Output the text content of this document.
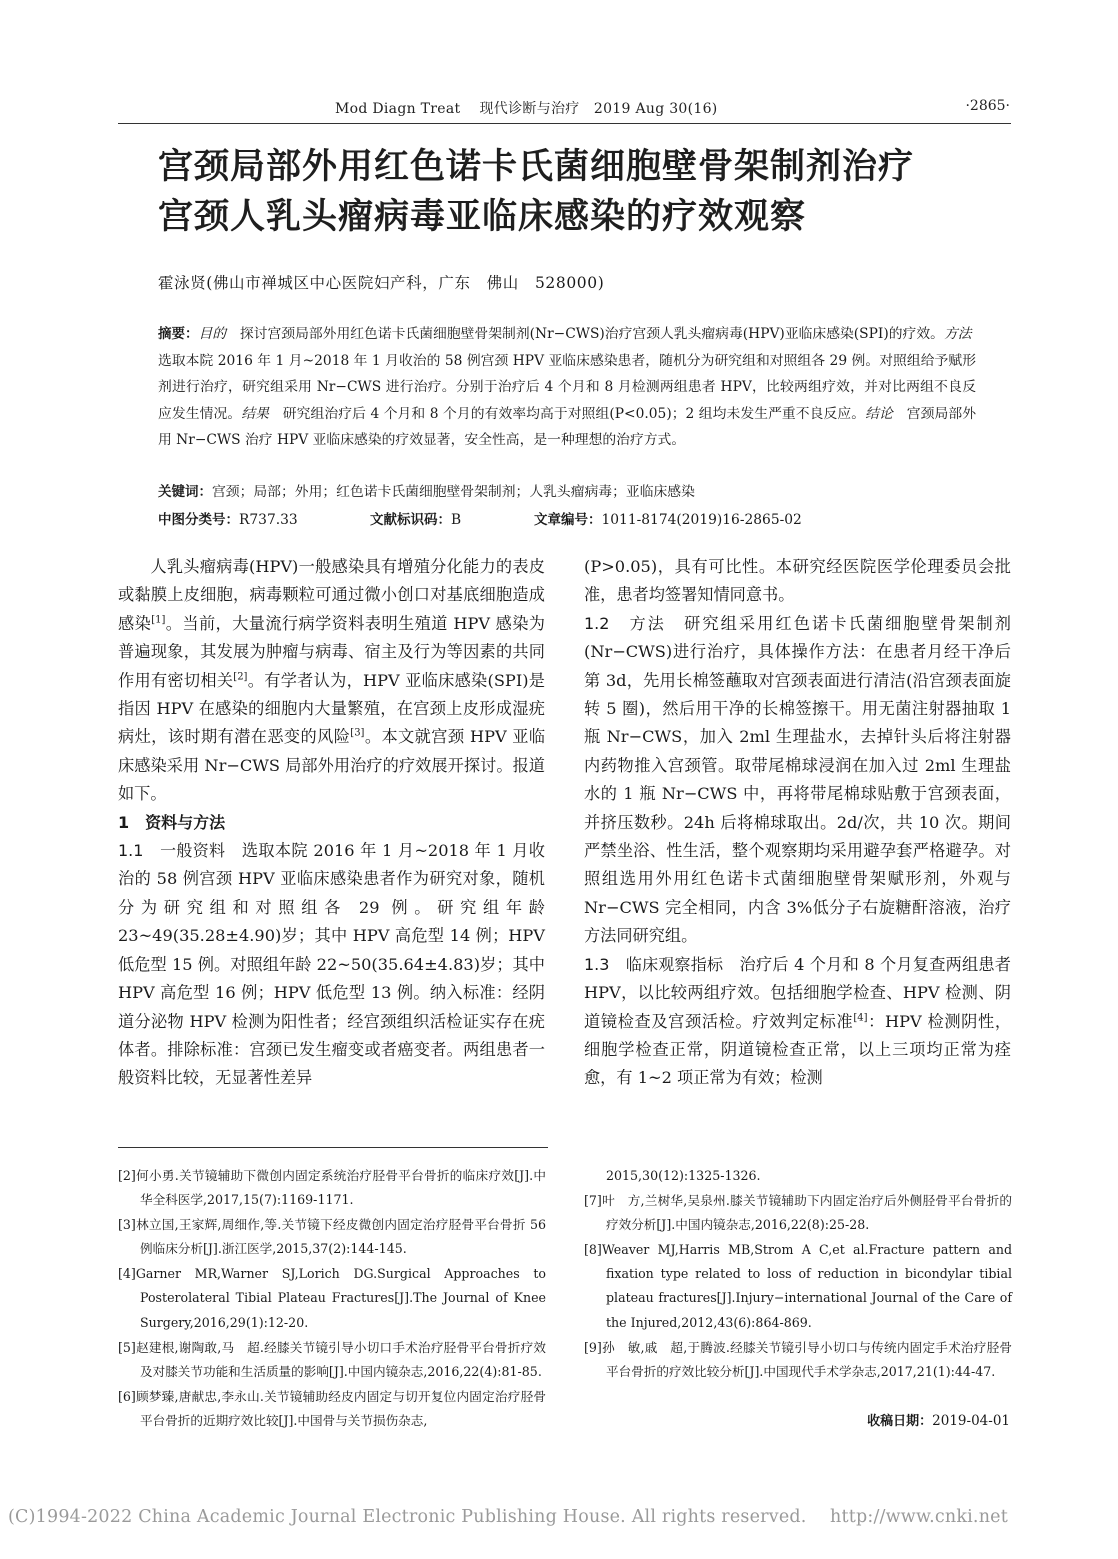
Mod Diagn Treat　 现代诊断与治疗　2019 Aug 30(16)	·2865·
宫颈局部外用红色诺卡氏菌细胞壁骨架制剂治疗
宫颈人乳头瘤病毒亚临床感染的疗效观察
霍泳贤(佛山市禅城区中心医院妇产科，广东　佛山　528000)
摘要：目的　探讨宫颈局部外用红色诺卡氏菌细胞壁骨架制剂(Nr−CWS)治疗宫颈人乳头瘤病毒(HPV)亚临床感染(SPI)的疗效。方法　选取本院 2016 年 1 月~2018 年 1 月收治的 58 例宫颈 HPV 亚临床感染患者，随机分为研究组和对照组各 29 例。对照组给予赋形剂进行治疗，研究组采用 Nr−CWS 进行治疗。分别于治疗后 4 个月和 8 月检测两组患者 HPV，比较两组疗效，并对比两组不良反应发生情况。结果　研究组治疗后 4 个月和 8 个月的有效率均高于对照组(P<0.05)；2 组均未发生严重不良反应。结论　宫颈局部外用 Nr−CWS 治疗 HPV 亚临床感染的疗效显著，安全性高，是一种理想的治疗方式。
关键词：宫颈；局部；外用；红色诺卡氏菌细胞壁骨架制剂；人乳头瘤病毒；亚临床感染
中图分类号：R737.33	文献标识码：B	文章编号：1011-8174(2019)16-2865-02

人乳头瘤病毒(HPV)一般感染具有增殖分化能力的表皮或黏膜上皮细胞，病毒颗粒可通过微小创口对基底细胞造成感染[1]。当前，大量流行病学资料表明生殖道 HPV 感染为普遍现象，其发展为肿瘤与病毒、宿主及行为等因素的共同作用有密切相关[2]。有学者认为，HPV 亚临床感染(SPI)是指因 HPV 在感染的细胞内大量繁殖，在宫颈上皮形成湿疣病灶，该时期有潜在恶变的风险[3]。本文就宫颈 HPV 亚临床感染采用 Nr−CWS 局部外用治疗的疗效展开探讨。报道如下。

1　资料与方法

1.1　一般资料　选取本院 2016 年 1 月~2018 年 1 月收治的 58 例宫颈 HPV 亚临床感染患者作为研究对象，随机分为研究组和对照组各 29 例。研究组年龄 23~49(35.28±4.90)岁；其中 HPV 高危型 14 例；HPV 低危型 15 例。对照组年龄 22~50(35.64±4.83)岁；其中 HPV 高危型 16 例；HPV 低危型 13 例。纳入标准：经阴道分泌物 HPV 检测为阳性者；经宫颈组织活检证实存在疣体者。排除标准：宫颈已发生瘤变或者癌变者。两组患者一般资料比较，无显著性差异

(P>0.05)，具有可比性。本研究经医院医学伦理委员会批准，患者均签署知情同意书。

1.2　方法　研究组采用红色诺卡氏菌细胞壁骨架制剂(Nr−CWS)进行治疗，具体操作方法：在患者月经干净后第 3d，先用长棉签蘸取对宫颈表面进行清洁(沿宫颈表面旋转 5 圈)，然后用干净的长棉签擦干。用无菌注射器抽取 1 瓶 Nr−CWS，加入 2ml 生理盐水，去掉针头后将注射器内药物推入宫颈管。取带尾棉球浸润在加入过 2ml 生理盐水的 1 瓶 Nr−CWS 中，再将带尾棉球贴敷于宫颈表面，并挤压数秒。24h 后将棉球取出。2d/次，共 10 次。期间严禁坐浴、性生活，整个观察期均采用避孕套严格避孕。对照组选用外用红色诺卡式菌细胞壁骨架赋形剂，外观与 Nr−CWS 完全相同，内含 3%低分子右旋糖酐溶液，治疗方法同研究组。

1.3　临床观察指标　治疗后 4 个月和 8 个月复查两组患者 HPV，以比较两组疗效。包括细胞学检查、HPV 检测、阴道镜检查及宫颈活检。疗效判定标准[4]：HPV 检测阴性，细胞学检查正常，阴道镜检查正常，以上三项均正常为痊愈，有 1~2 项正常为有效；检测

[2]何小勇.关节镜辅助下微创内固定系统治疗胫骨平台骨折的临床疗效[J].中华全科医学,2017,15(7):1169-1171.

[3]林立国,王家辉,周细作,等.关节镜下经皮微创内固定治疗胫骨平台骨折 56 例临床分析[J].浙江医学,2015,37(2):144-145.

[4]Garner MR,Warner SJ,Lorich DG.Surgical Approaches to Posterolateral Tibial Plateau Fractures[J].The Journal of Knee Surgery,2016,29(1):12-20.

[5]赵建根,谢陶敢,马　超.经膝关节镜引导小切口手术治疗胫骨平台骨折疗效及对膝关节功能和生活质量的影响[J].中国内镜杂志,2016,22(4):81-85.

[6]顾梦臻,唐献忠,李永山.关节镜辅助经皮内固定与切开复位内固定治疗胫骨平台骨折的近期疗效比较[J].中国骨与关节损伤杂志,

2015,30(12):1325-1326.

[7]叶　方,兰树华,吴泉州.膝关节镜辅助下内固定治疗后外侧胫骨平台骨折的疗效分析[J].中国内镜杂志,2016,22(8):25-28.

[8]Weaver MJ,Harris MB,Strom A C,et al.Fracture pattern and fixation type related to loss of reduction in bicondylar tibial plateau fractures[J].Injury−international Journal of the Care of the Injured,2012,43(6):864-869.

[9]孙　敏,戚　超,于腾波.经膝关节镜引导小切口与传统内固定手术治疗胫骨平台骨折的疗效比较分析[J].中国现代手术学杂志,2017,21(1):44-47.

收稿日期：2019-04-01
(C)1994-2022 China Academic Journal Electronic Publishing House. All rights reserved.　 http://www.cnki.net
